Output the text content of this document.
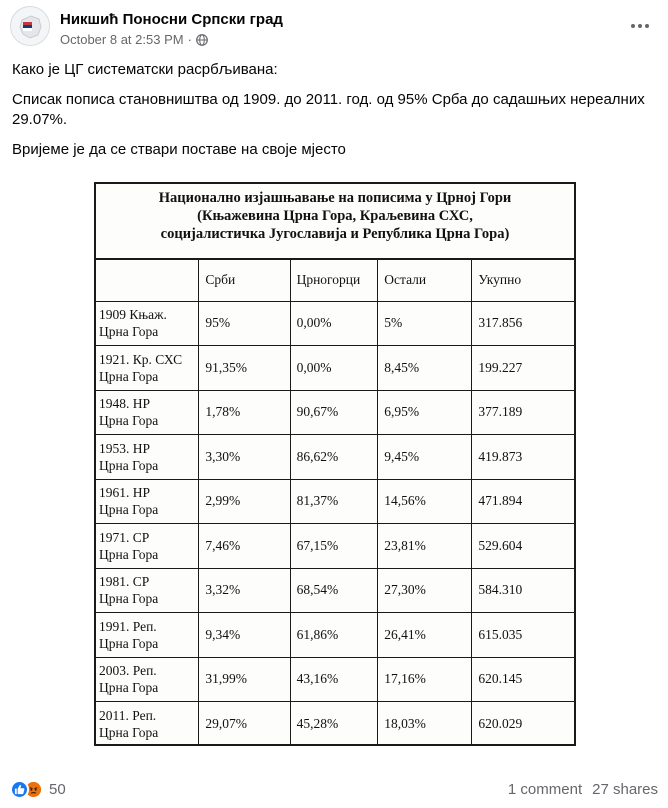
Никшић Поносни Српски град
October 8 at 2:53 PM ·

Како је ЦГ систематски расрбљивана:

Списак пописа становништва од 1909. до 2011. год. од 95% Срба до садашњих нереалних 29.07%.

Вријеме је да се ствари поставе на своје мјесто

Национално изјашњавање на пописима у Црној Гори
(Књажевина Црна Гора, Краљевина СХС,
социјалистичка Југославија и Република Црна Гора)
	Срби	Црногорци	Остали	Укупно

1909 Књаж.
Црна Гора	95%	0,00%	5%	317.856

1921. Кр. СХС
Црна Гора	91,35%	0,00%	8,45%	199.227

1948. НР
Црна Гора	1,78%	90,67%	6,95%	377.189

1953. НР
Црна Гора	3,30%	86,62%	9,45%	419.873

1961. НР
Црна Гора	2,99%	81,37%	14,56%	471.894

1971. СР
Црна Гора	7,46%	67,15%	23,81%	529.604

1981. СР
Црна Гора	3,32%	68,54%	27,30%	584.310

1991. Реп.
Црна Гора	9,34%	61,86%	26,41%	615.035

2003. Реп.
Црна Гора	31,99%	43,16%	17,16%	620.145

2011. Реп.
Црна Гора	29,07%	45,28%	18,03%	620.029
50	1 comment 27 shares
